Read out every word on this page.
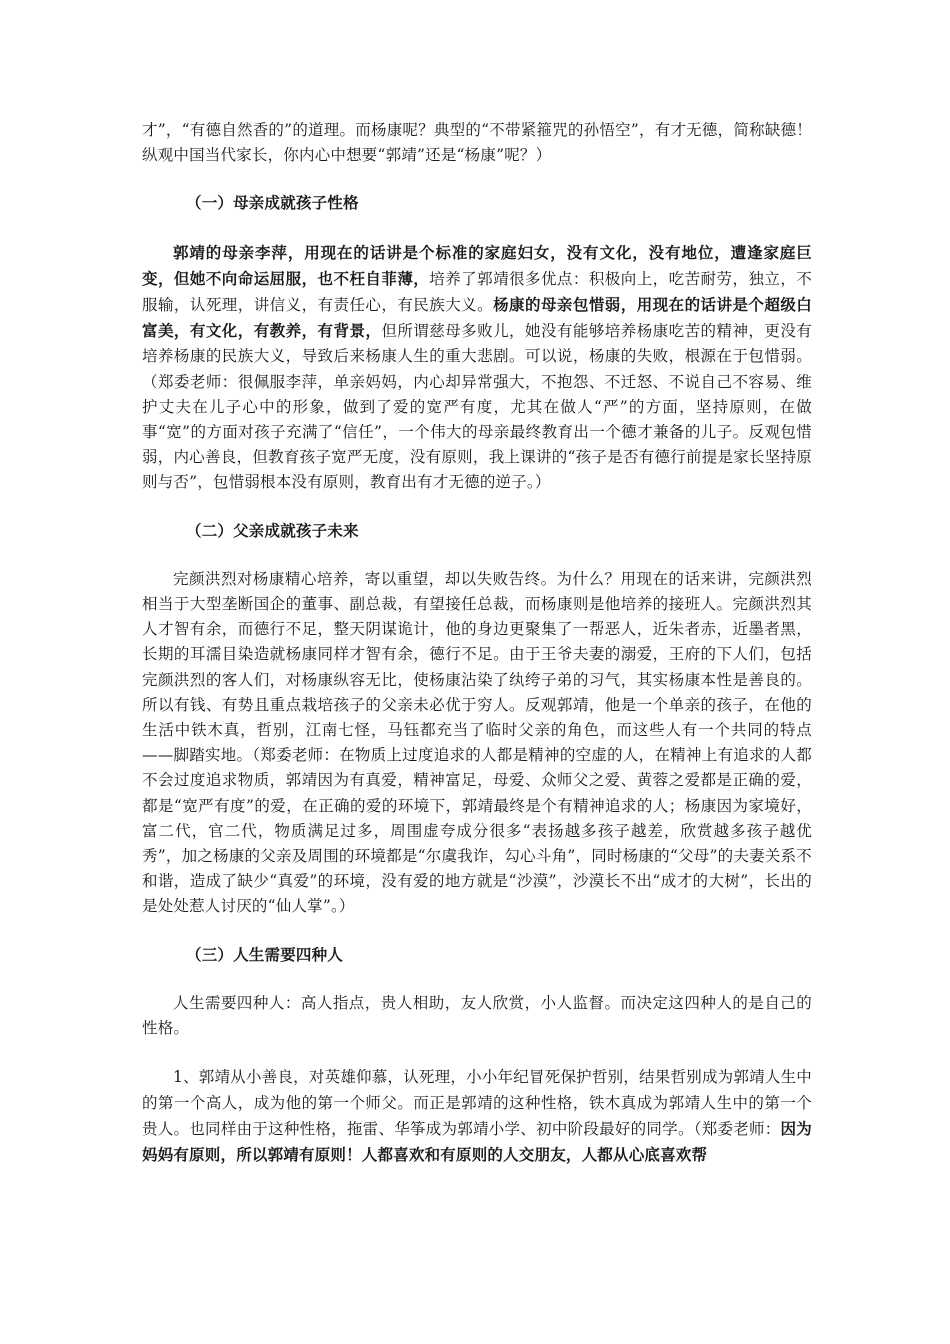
才”，“有德自然香的”的道理。而杨康呢？典型的“不带紧箍咒的孙悟空”，有才无德，简称缺德！纵观中国当代家长，你内心中想要“郭靖”还是“杨康”呢？）

（一）母亲成就孩子性格

郭靖的母亲李萍，用现在的话讲是个标准的家庭妇女，没有文化，没有地位，遭逢家庭巨变，但她不向命运屈服，也不枉自菲薄，培养了郭靖很多优点：积极向上，吃苦耐劳，独立，不服输，认死理，讲信义，有责任心，有民族大义。杨康的母亲包惜弱，用现在的话讲是个超级白富美，有文化，有教养，有背景，但所谓慈母多败儿，她没有能够培养杨康吃苦的精神，更没有培养杨康的民族大义，导致后来杨康人生的重大悲剧。可以说，杨康的失败，根源在于包惜弱。（郑委老师：很佩服李萍，单亲妈妈，内心却异常强大，不抱怨、不迁怒、不说自己不容易、维护丈夫在儿子心中的形象，做到了爱的宽严有度，尤其在做人“严”的方面，坚持原则，在做事“宽”的方面对孩子充满了“信任”，一个伟大的母亲最终教育出一个德才兼备的儿子。反观包惜弱，内心善良，但教育孩子宽严无度，没有原则，我上课讲的“孩子是否有德行前提是家长坚持原则与否”，包惜弱根本没有原则，教育出有才无德的逆子。）

（二）父亲成就孩子未来

完颜洪烈对杨康精心培养，寄以重望，却以失败告终。为什么？用现在的话来讲，完颜洪烈相当于大型垄断国企的董事、副总裁，有望接任总裁，而杨康则是他培养的接班人。完颜洪烈其人才智有余，而德行不足，整天阴谋诡计，他的身边更聚集了一帮恶人，近朱者赤，近墨者黑，长期的耳濡目染造就杨康同样才智有余，德行不足。由于王爷夫妻的溺爱，王府的下人们，包括完颜洪烈的客人们，对杨康纵容无比，使杨康沾染了纨绔子弟的习气，其实杨康本性是善良的。所以有钱、有势且重点栽培孩子的父亲未必优于穷人。反观郭靖，他是一个单亲的孩子，在他的生活中铁木真，哲别，江南七怪，马钰都充当了临时父亲的角色，而这些人有一个共同的特点——脚踏实地。（郑委老师：在物质上过度追求的人都是精神的空虚的人，在精神上有追求的人都不会过度追求物质，郭靖因为有真爱，精神富足，母爱、众师父之爱、黄蓉之爱都是正确的爱，都是“宽严有度”的爱，在正确的爱的环境下，郭靖最终是个有精神追求的人；杨康因为家境好，富二代，官二代，物质满足过多，周围虚夸成分很多“表扬越多孩子越差，欣赏越多孩子越优秀”，加之杨康的父亲及周围的环境都是“尔虞我诈，勾心斗角”，同时杨康的“父母”的夫妻关系不和谐，造成了缺少“真爱”的环境，没有爱的地方就是“沙漠”，沙漠长不出“成才的大树”，长出的是处处惹人讨厌的“仙人掌”。）

（三）人生需要四种人

人生需要四种人：高人指点，贵人相助，友人欣赏，小人监督。而决定这四种人的是自己的性格。

1、郭靖从小善良，对英雄仰慕，认死理，小小年纪冒死保护哲别，结果哲别成为郭靖人生中的第一个高人，成为他的第一个师父。而正是郭靖的这种性格，铁木真成为郭靖人生中的第一个贵人。也同样由于这种性格，拖雷、华筝成为郭靖小学、初中阶段最好的同学。（郑委老师：因为妈妈有原则，所以郭靖有原则！人都喜欢和有原则的人交朋友，人都从心底喜欢帮
